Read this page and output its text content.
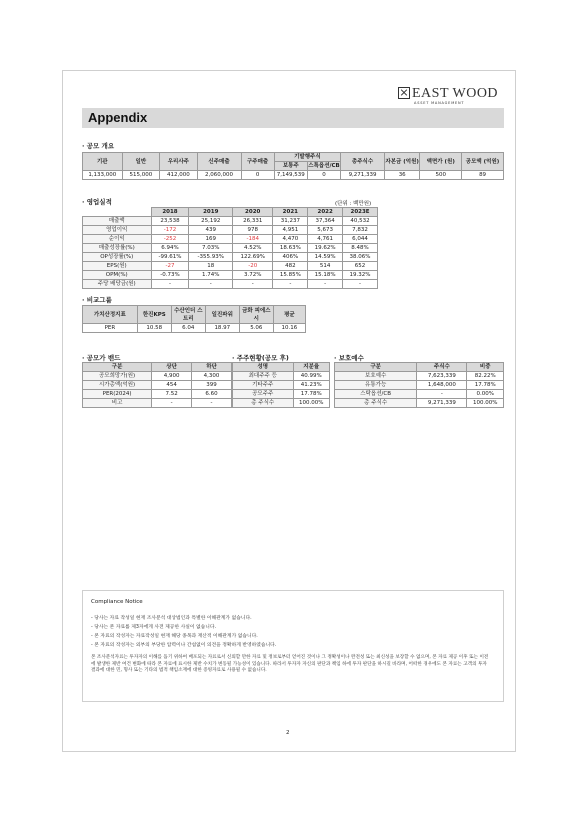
EAST WOOD
ASSET MANAGEMENT
Appendix
· 공모 개요
기관	일반	우리사주	신주매출	구주매출	기발행주식		총주식수	자본금 (억원)	액면가 (원)	공모액 (억원)
					보통주	스톡옵션/CB				
1,133,000	515,000	412,000	2,060,000	0	7,149,539	0	9,271,339	36	500	89
· 영업실적	(단위 : 백만원)
	2018	2019	2020	2021	2022	2023E
매출액	23,538	25,192	26,331	31,237	37,364	40,532
영업이익	-172	439	978	4,951	5,673	7,832
순이익	-252	169	-184	4,470	4,761	6,044
매출성장률(%)	6.94%	7.03%	4.52%	18.63%	19.62%	8.48%
OP성장률(%)	-99.61%	-355.93%	122.69%	406%	14.59%	38.06%
EPS(원)	-27	18	-20	482	514	652
OPM(%)	-0.73%	1.74%	3.72%	15.85%	15.18%	19.32%
주당 배당금(원)	-	-	-	-	-	-
· 비교그룹
가치산정지표	한진KPS	수산인더 스트리	일진파워	금화 피에스시	평균
PER	10.58	6.04	18.97	5.06	10.16
· 공모가 밴드
구분	상단	하단
공모희망가(원)	4,900	4,300
시가총액(억원)	454	399
PER(2024)	7.52	6.60
비고	-	-
· 주주현황(공모 후)
성명	지분율
최대주주 등	40.99%
기타주주	41.23%
공모주주	17.78%
총 주식수	100.00%
· 보호예수
구분	주식수	비중
보호예수	7,623,339	82.22%
유통가능	1,648,000	17.78%
스탁옵션/CB	-	0.00%
총 주식수	9,271,339	100.00%
Compliance Notice
- 당사는 자료 작성일 현재 조사분석 대상법인과 특별한 이해관계가 없습니다.
- 당사는 본 자료를 제3자에게 사전 제공한 사실이 없습니다.
- 본 자료의 작성자는 자료작성일 현재 해당 종목과 재산적 이해관계가 없습니다.
- 본 자료의 작성자는 외부의 부당한 압력이나 간섭없이 의견을 정확하게 반영하였습니다.
본 조사분석자료는 투자자의 이해를 돕기 위하여 배포되는 자료로서 신뢰할 만한 자료 및 정보로부터 얻어진 것이나 그 정확성이나 완전성 또는 최신성을 보장할 수 없으며, 본 자료 제공 이후 또는 이전에 발생한 제반 여건 변화에 따라 본 자료에 표시한 제반 수치가 변동될 가능성이 있습니다. 따라서 투자자 자신의 판단과 책임 하에 투자 판단을 하시길 바라며, 어떠한 경우에도 본 자료는 고객의 투자 결과에 대한 민, 형사 또는 기타의 법적 책임소재에 대한 증빙자료로 사용될 수 없습니다.
2
